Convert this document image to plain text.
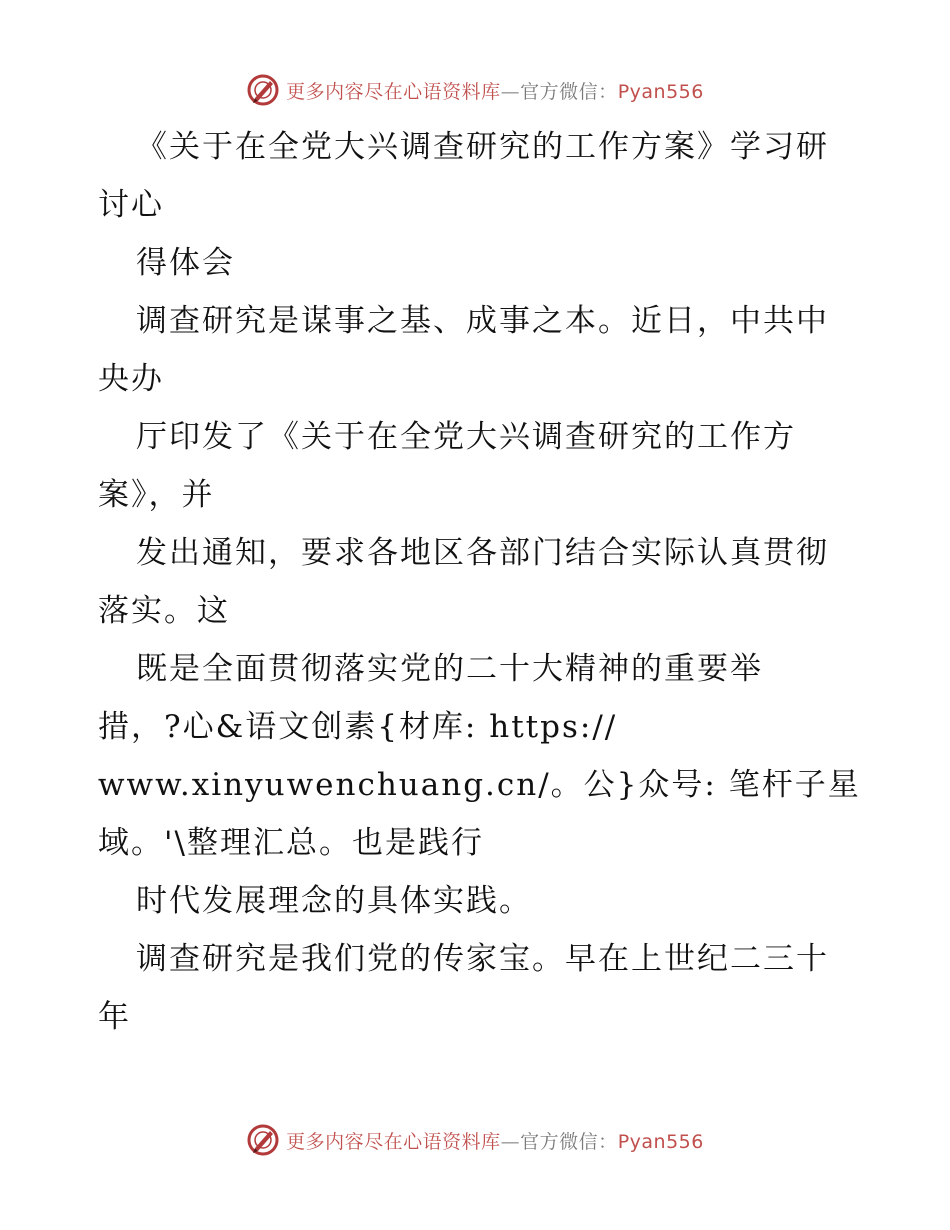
更多内容尽在心语资料库—官方微信：Pyan556
《关于在全党大兴调查研究的工作方案》学习研
讨心
得体会
调查研究是谋事之基、成事之本。近日，中共中
央办
厅印发了《关于在全党大兴调查研究的工作方
案》，并
发出通知，要求各地区各部门结合实际认真贯彻
落实。这
既是全面贯彻落实党的二十大精神的重要举
措，?心&语文创素{材库: https://
www.xinyuwenchuang.cn/。公}众号: 笔杆子星
域。'\整理汇总。也是践行
时代发展理念的具体实践。
调查研究是我们党的传家宝。早在上世纪二三十
年
更多内容尽在心语资料库—官方微信：Pyan556
